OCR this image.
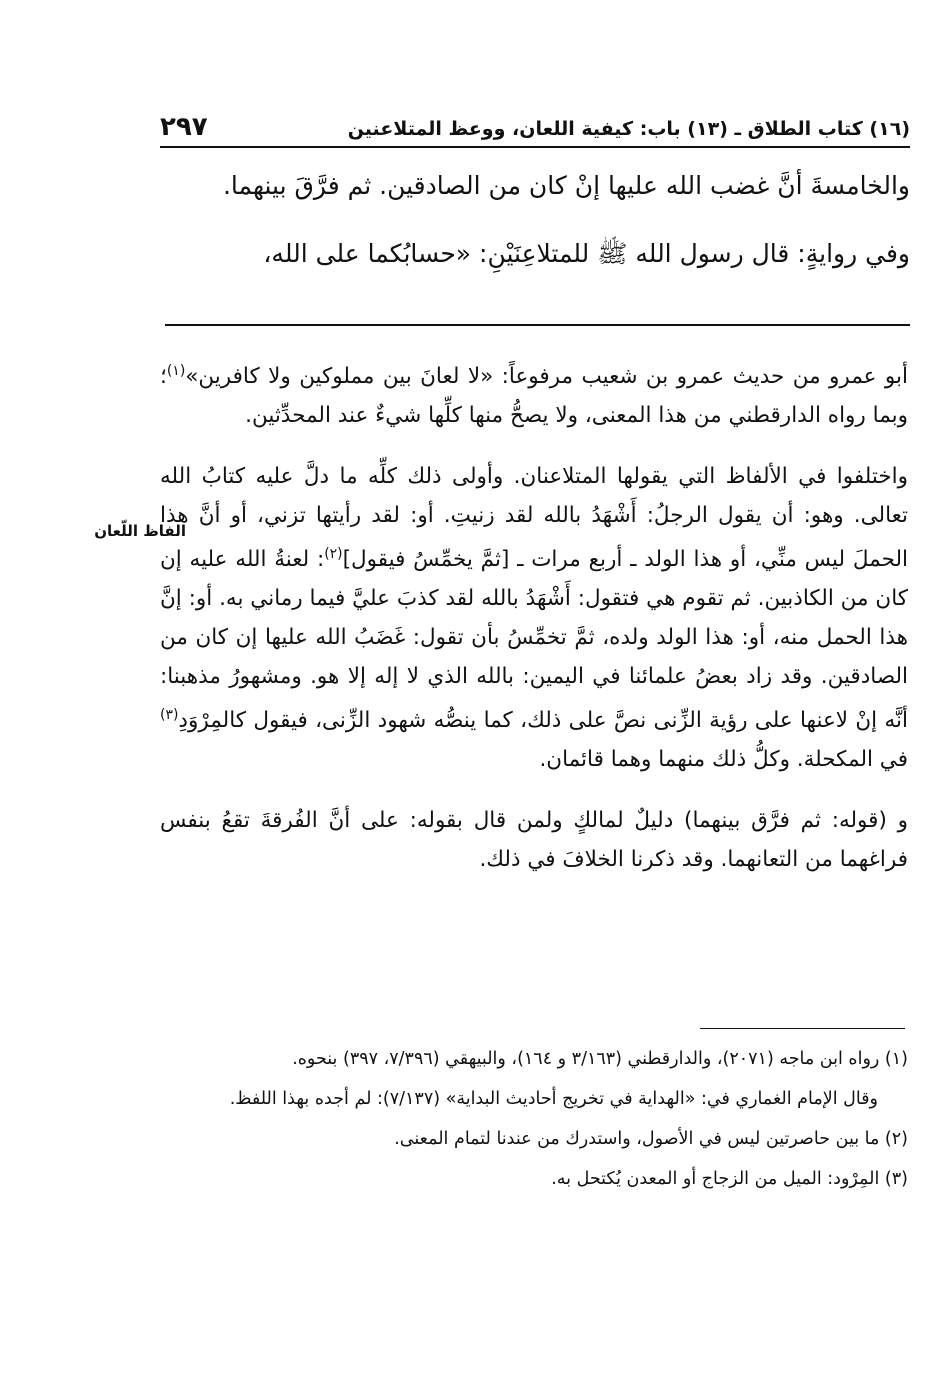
(١٦) كتاب الطلاق ـ (١٣) باب: كيفية اللعان، ووعظ المتلاعنين
٢٩٧

والخامسةَ أنَّ غضب الله عليها إنْ كان من الصادقين. ثم فرَّقَ بينهما.

وفي روايةٍ: قال رسول الله ﷺ للمتلاعِنَيْنِ: «حسابُكما على الله،

الفاظ اللّعان

أبو عمرو من حديث عمرو بن شعيب مرفوعاً: «لا لعانَ بين مملوكين ولا كافرين»$^{(١)}$؛ وبما رواه الدارقطني من هذا المعنى، ولا يصحُّ منها كلِّها شيءٌ عند المحدِّثين.

واختلفوا في الألفاظ التي يقولها المتلاعنان. وأولى ذلك كلِّه ما دلَّ عليه كتابُ الله تعالى. وهو: أن يقول الرجلُ: أَشْهَدُ بالله لقد زنيتِ. أو: لقد رأيتها تزني، أو أنَّ هذا الحملَ ليس منِّي، أو هذا الولد ـ أربع مرات ـ [ثمَّ يخمِّسُ فيقول]$^{(٢)}$: لعنةُ الله عليه إن كان من الكاذبين. ثم تقوم هي فتقول: أَشْهَدُ بالله لقد كذبَ عليَّ فيما رماني به. أو: إنَّ هذا الحمل منه، أو: هذا الولد ولده، ثمَّ تخمِّسُ بأن تقول: غَضَبُ الله عليها إن كان من الصادقين. وقد زاد بعضُ علمائنا في اليمين: بالله الذي لا إله إلا هو. ومشهورُ مذهبنا: أنَّه إنْ لاعنها على رؤية الزِّنى نصَّ على ذلك، كما ينصُّه شهود الزِّنى، فيقول كالمِرْوَدِ$^{(٣)}$ في المكحلة. وكلُّ ذلك منهما وهما قائمان.

و (قوله: ثم فرَّق بينهما) دليلٌ لمالكٍ ولمن قال بقوله: على أنَّ الفُرقةَ تقعُ بنفس فراغهما من التعانهما. وقد ذكرنا الخلافَ في ذلك.

(١) رواه ابن ماجه (٢٠٧١)، والدارقطني (٣/١٦٣ و ١٦٤)، والبيهقي (٧/٣٩٦، ٣٩٧) بنحوه.

وقال الإمام الغماري في: «الهداية في تخريج أحاديث البداية» (٧/١٣٧): لم أجده بهذا اللفظ.

(٢) ما بين حاصرتين ليس في الأصول، واستدرك من عندنا لتمام المعنى.

(٣) المِرْود: الميل من الزجاج أو المعدن يُكتحل به.
